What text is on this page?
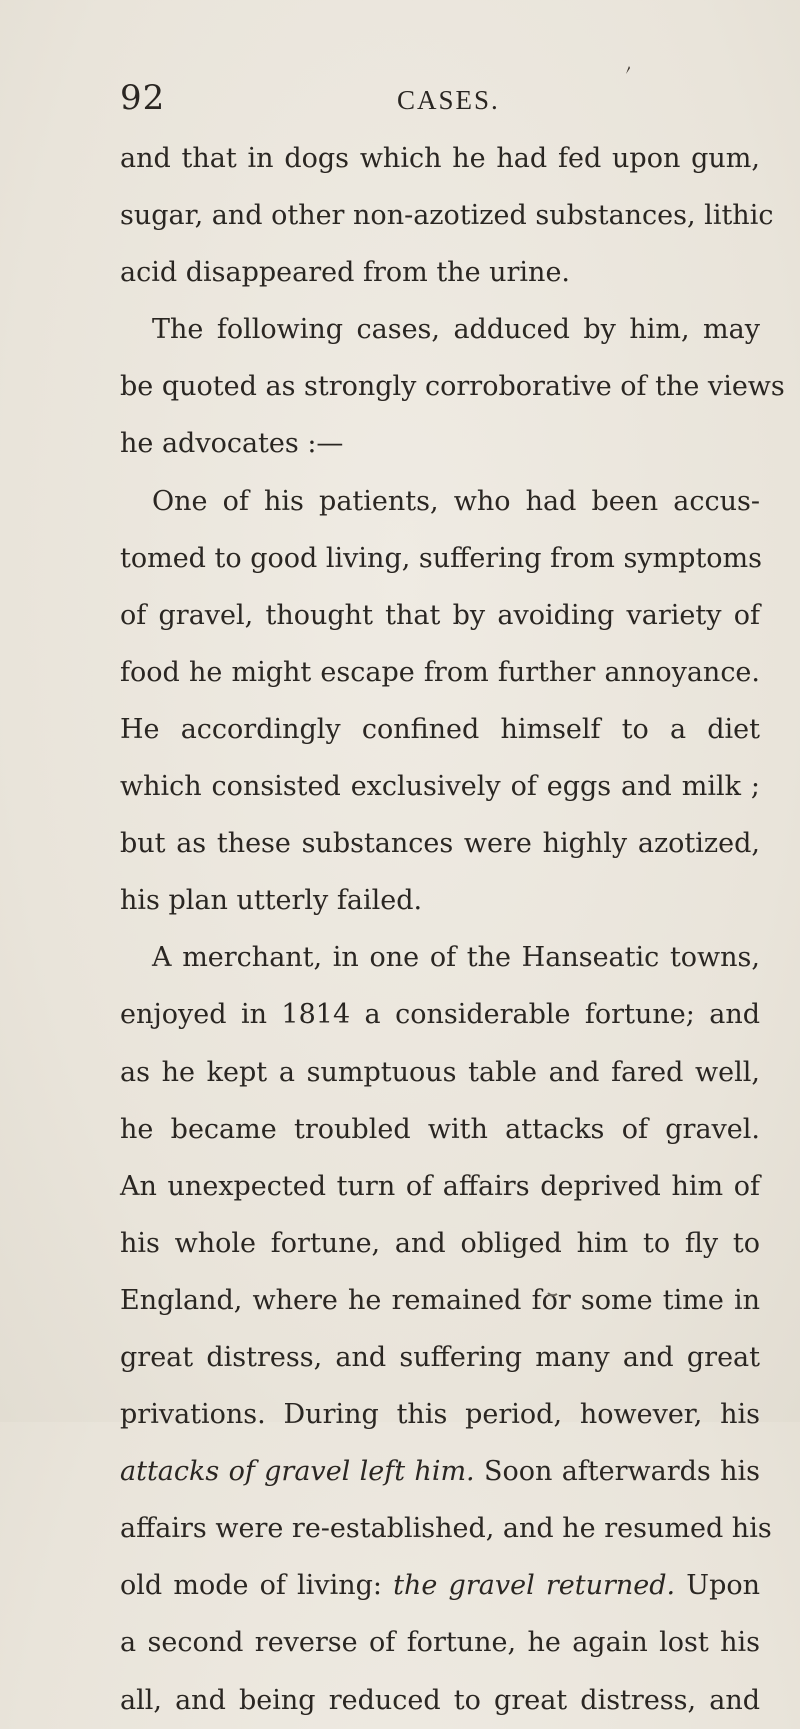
92	CASES.
and that in dogs which he had fed upon gum,
sugar, and other non-azotized substances, lithic
acid disappeared from the urine.
The following cases, adduced by him, may
be quoted as strongly corroborative of the views
he advocates :—
One of his patients, who had been accus-
tomed to good living, suffering from symptoms
of gravel, thought that by avoiding variety of
food he might escape from further annoyance.
He accordingly confined himself to a diet
which consisted exclusively of eggs and milk ;
but as these substances were highly azotized,
his plan utterly failed.
A merchant, in one of the Hanseatic towns,
enjoyed in 1814 a considerable fortune; and
as he kept a sumptuous table and fared well,
he became troubled with attacks of gravel.
An unexpected turn of affairs deprived him of
his whole fortune, and obliged him to fly to
England, where he remained for some time in
great distress, and suffering many and great
privations. During this period, however, his
attacks of gravel left him. Soon afterwards his
affairs were re-established, and he resumed his
old mode of living: the gravel returned. Upon
a second reverse of fortune, he again lost his
all, and being reduced to great distress, and
